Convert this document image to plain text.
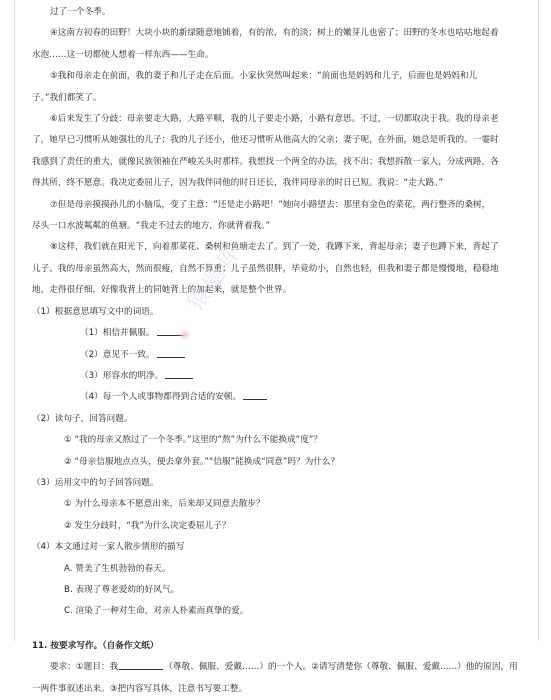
过了一个冬季。

④这南方初春的田野！大块小块的新绿随意地铺着，有的浓，有的淡；树上的嫩芽儿也密了；田野的冬水也咕咕地起着

水泡……这一切都使人想着一样东西——生命。

⑤我和母亲走在前面，我的妻子和儿子走在后面。小家伙突然叫起来：“前面也是妈妈和儿子，后面也是妈妈和儿

子。”我们都笑了。

⑥后来发生了分歧：母亲要走大路，大路平顺，我的儿子要走小路，小路有意思。不过，一切都取决于我。我的母亲老

了，她早已习惯听从她强壮的儿子；我的儿子还小，他还习惯听从他高大的父亲；妻子呢，在外面，她总是听我的。一霎时

我感到了责任的重大，就像民族领袖在严峻关头时那样。我想找一个两全的办法，找不出；我想拆散一家人，分成两路，各

得其所，终不愿意。我决定委屈儿子，因为我伴同他的时日还长，我伴同母亲的时日已短。我说：“走大路。”

⑦但是母亲摸摸孙儿的小脑瓜，变了主意：“还是走小路吧！”她向小路望去：那里有金色的菜花，两行整齐的桑树，

尽头一口水波粼粼的鱼塘。“我走不过去的地方，你就背着我。”

⑧这样，我们就在阳光下，向着那菜花、桑树和鱼塘走去了。到了一处，我蹲下来，背起母亲；妻子也蹲下来，背起了

儿子。我的母亲虽然高大，然而很瘦，自然不算重；儿子虽然很胖，毕竟幼小，自然也轻，但我和妻子都是慢慢地，稳稳地

地，走得很仔细，好像我背上的同她背上的加起来，就是整个世界。

（1）根据意思填写文中的词语。

（1）相信并佩服。

（2）意见不一致。

（3）形容水的明净。

（4）每一个人或事物都得到合适的安顿。

（2）读句子，回答问题。

① “我的母亲又熬过了一个冬季。”这里的“熬”为什么不能换成“度”？

② “母亲信服地点点头，便去拿外套。”“信服”能换成“同意”吗？为什么？

（3）运用文中的句子回答问题。

① 为什么母亲本不愿意出来，后来却又同意去散步？

② 发生分歧时，“我”为什么决定委屈儿子？

（4）本文通过对一家人散步情形的描写

A. 赞美了生机勃勃的春天。

B. 表现了尊老爱幼的好风气。

C. 渲染了一种对生命，对亲人朴素而真挚的爱。

11. 按要求写作。（自备作文纸）

要求：①题目：我	（尊敬、佩服、爱戴……）的一个人。②请写清楚你（尊敬、佩服、爱戴……）他的原因，用

一两件事叙述出来。③把内容写具体，注意书写要工整。

猿题库
